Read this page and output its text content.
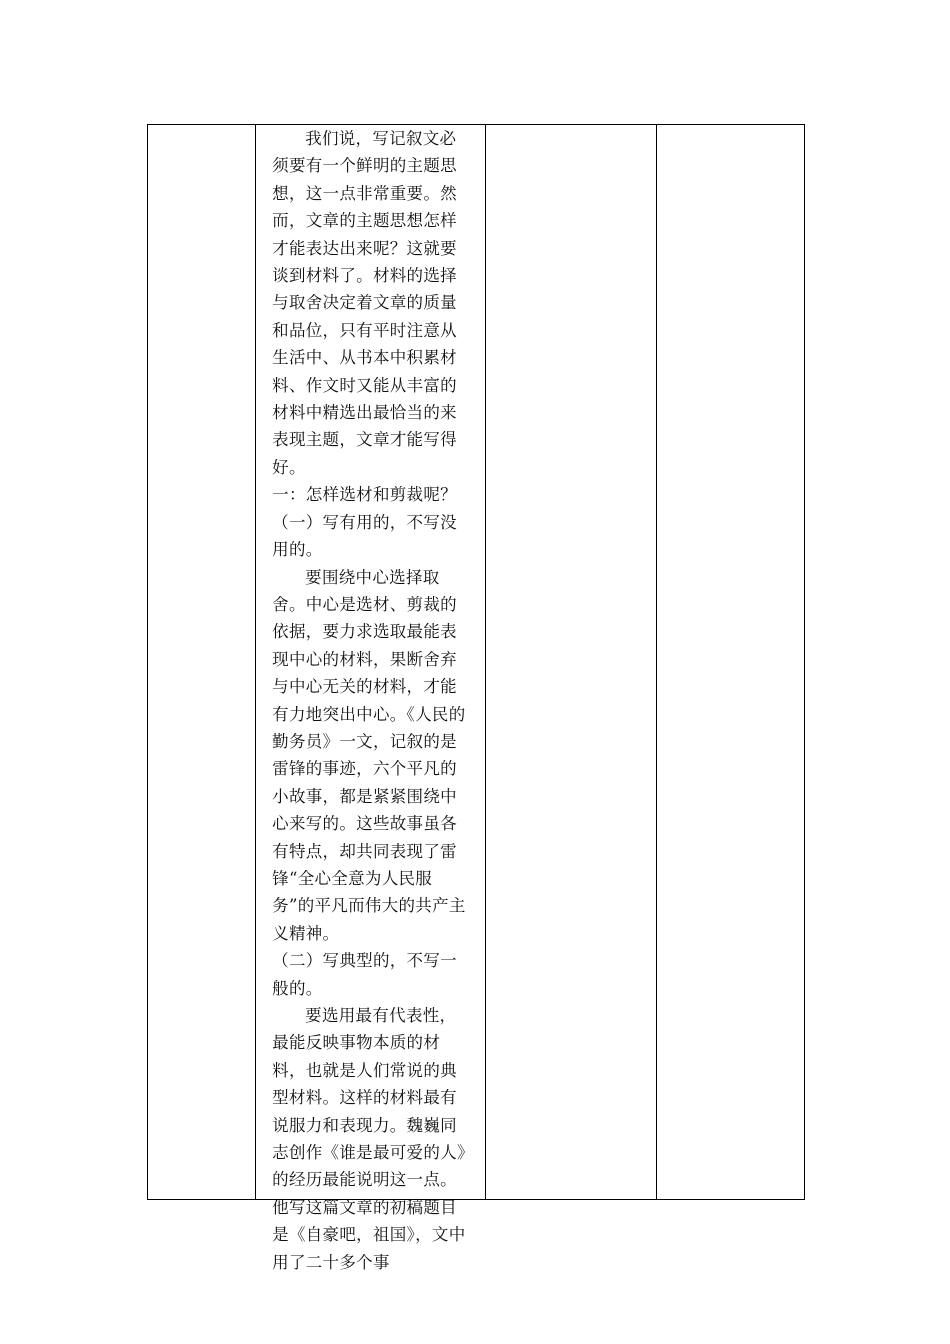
我们说，写记叙文必须要有一个鲜明的主题思想，这一点非常重要。然而，文章的主题思想怎样才能表达出来呢？这就要谈到材料了。材料的选择与取舍决定着文章的质量和品位，只有平时注意从生活中、从书本中积累材料、作文时又能从丰富的材料中精选出最恰当的来表现主题，文章才能写得好。

一：怎样选材和剪裁呢？

（一）写有用的，不写没用的。

要围绕中心选择取舍。中心是选材、剪裁的依据，要力求选取最能表现中心的材料，果断舍弃与中心无关的材料，才能有力地突出中心。《人民的勤务员》一文，记叙的是雷锋的事迹，六个平凡的小故事，都是紧紧围绕中心来写的。这些故事虽各有特点，却共同表现了雷锋“全心全意为人民服务”的平凡而伟大的共产主义精神。

（二）写典型的，不写一般的。

要选用最有代表性，最能反映事物本质的材料，也就是人们常说的典型材料。这样的材料最有说服力和表现力。魏巍同志创作《谁是最可爱的人》的经历最能说明这一点。他写这篇文章的初稿题目是《自豪吧，祖国》，文中用了二十多个事
